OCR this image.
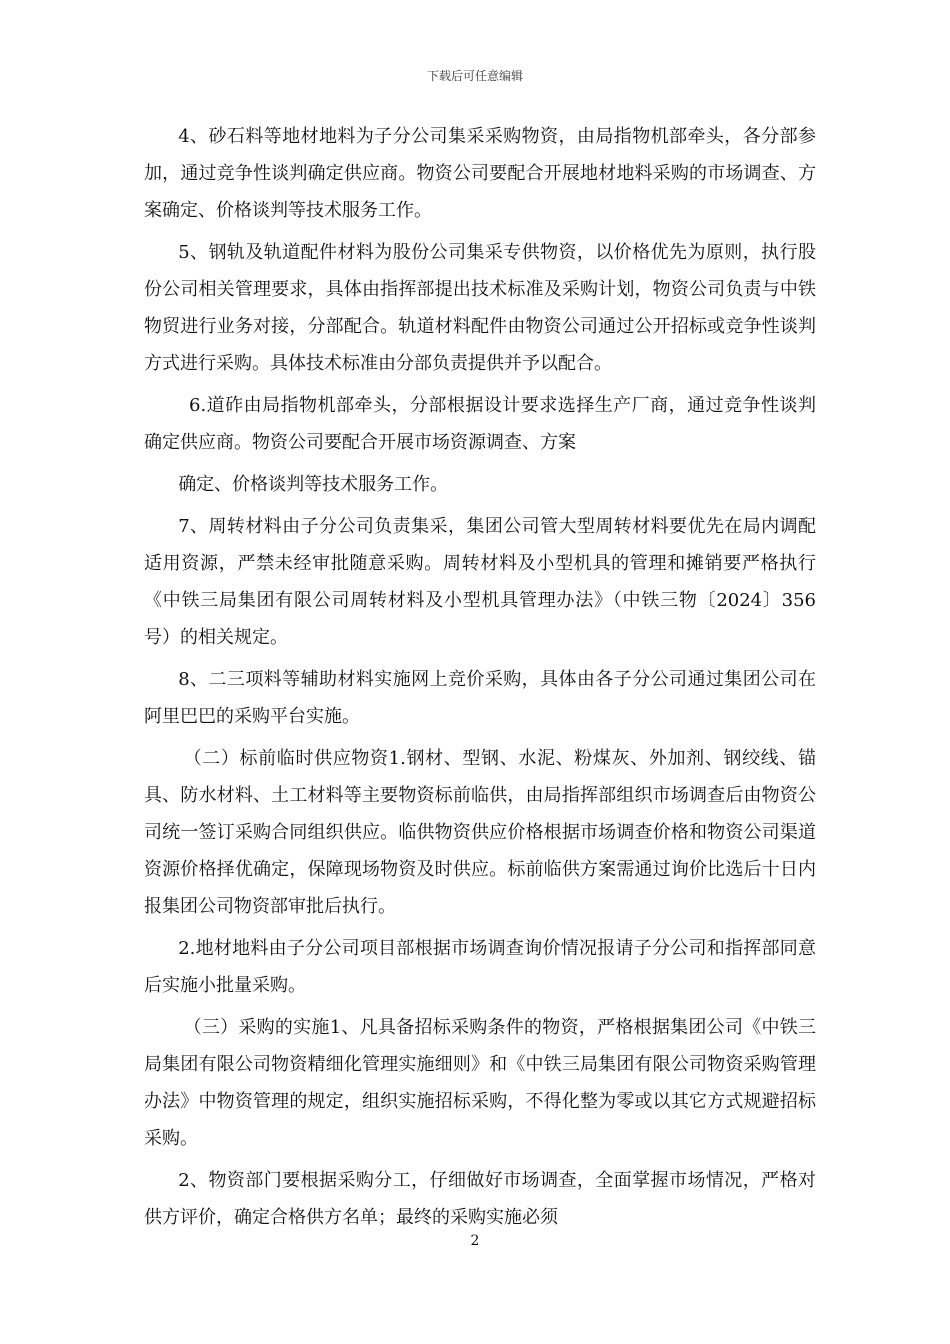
下载后可任意编辑

4、砂石料等地材地料为子分公司集采采购物资，由局指物机部牵头，各分部参加，通过竞争性谈判确定供应商。物资公司要配合开展地材地料采购的市场调查、方案确定、价格谈判等技术服务工作。

5、钢轨及轨道配件材料为股份公司集采专供物资，以价格优先为原则，执行股份公司相关管理要求，具体由指挥部提出技术标准及采购计划，物资公司负责与中铁物贸进行业务对接，分部配合。轨道材料配件由物资公司通过公开招标或竞争性谈判方式进行采购。具体技术标准由分部负责提供并予以配合。

6.道砟由局指物机部牵头，分部根据设计要求选择生产厂商，通过竞争性谈判确定供应商。物资公司要配合开展市场资源调查、方案

确定、价格谈判等技术服务工作。

7、周转材料由子分公司负责集采，集团公司管大型周转材料要优先在局内调配适用资源，严禁未经审批随意采购。周转材料及小型机具的管理和摊销要严格执行《中铁三局集团有限公司周转材料及小型机具管理办法》（中铁三物〔2024〕356号）的相关规定。

8、二三项料等辅助材料实施网上竞价采购，具体由各子分公司通过集团公司在阿里巴巴的采购平台实施。

（二）标前临时供应物资1.钢材、型钢、水泥、粉煤灰、外加剂、钢绞线、锚具、防水材料、土工材料等主要物资标前临供，由局指挥部组织市场调查后由物资公司统一签订采购合同组织供应。临供物资供应价格根据市场调查价格和物资公司渠道资源价格择优确定，保障现场物资及时供应。标前临供方案需通过询价比选后十日内报集团公司物资部审批后执行。

2.地材地料由子分公司项目部根据市场调查询价情况报请子分公司和指挥部同意后实施小批量采购。

（三）采购的实施1、凡具备招标采购条件的物资，严格根据集团公司《中铁三局集团有限公司物资精细化管理实施细则》和《中铁三局集团有限公司物资采购管理办法》中物资管理的规定，组织实施招标采购，不得化整为零或以其它方式规避招标采购。

2、物资部门要根据采购分工，仔细做好市场调查，全面掌握市场情况，严格对供方评价，确定合格供方名单；最终的采购实施必须

2
